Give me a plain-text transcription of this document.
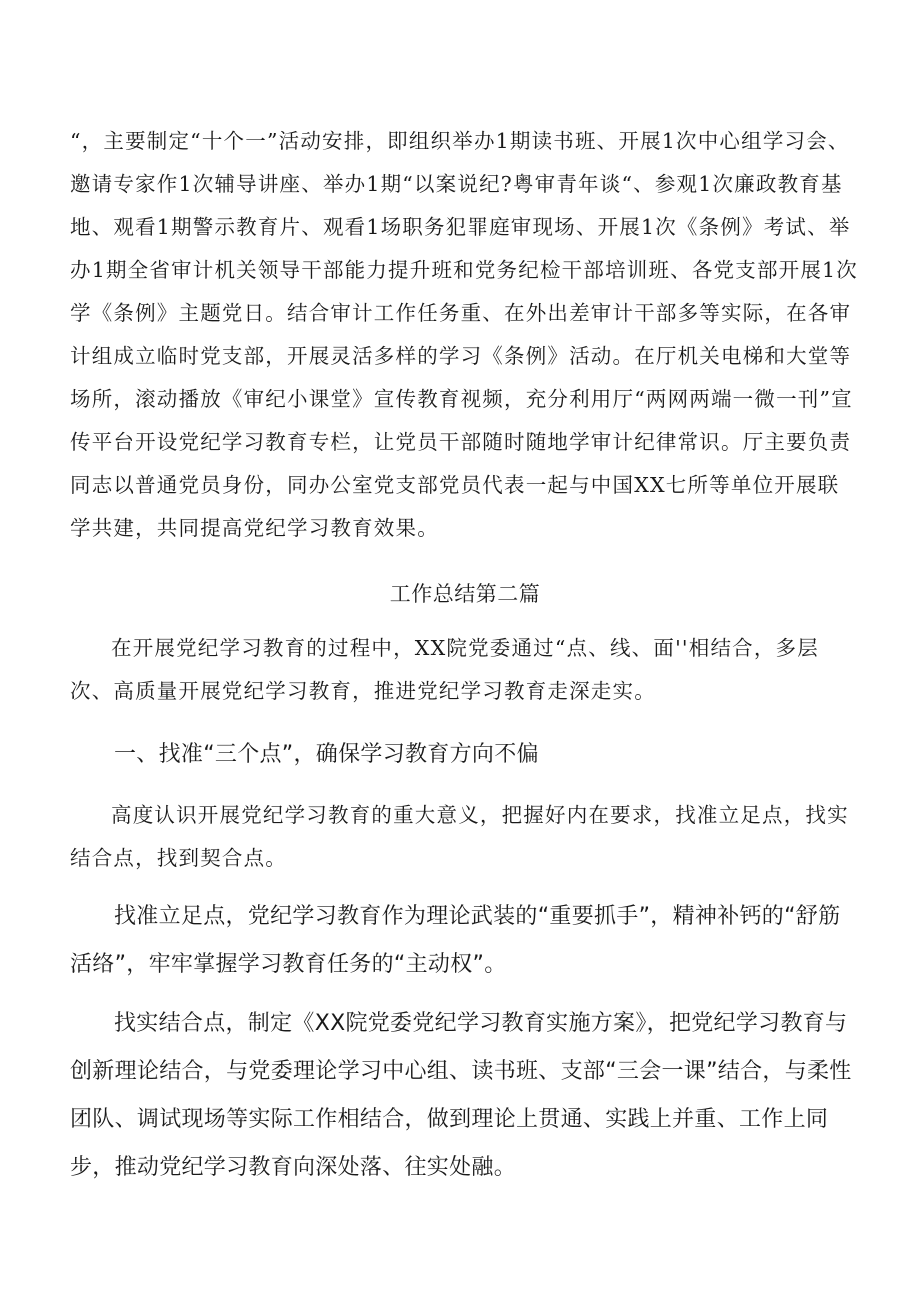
“，主要制定“十个一”活动安排，即组织举办1期读书班、开展1次中心组学习会、邀请专家作1次辅导讲座、举办1期“以案说纪?粤审青年谈“、参观1次廉政教育基地、观看1期警示教育片、观看1场职务犯罪庭审现场、开展1次《条例》考试、举办1期全省审计机关领导干部能力提升班和党务纪检干部培训班、各党支部开展1次学《条例》主题党日。结合审计工作任务重、在外出差审计干部多等实际，在各审计组成立临时党支部，开展灵活多样的学习《条例》活动。在厅机关电梯和大堂等场所，滚动播放《审纪小课堂》宣传教育视频，充分利用厅“两网两端一微一刊”宣传平台开设党纪学习教育专栏，让党员干部随时随地学审计纪律常识。厅主要负责同志以普通党员身份，同办公室党支部党员代表一起与中国XX七所等单位开展联学共建，共同提高党纪学习教育效果。

工作总结第二篇

在开展党纪学习教育的过程中，XX院党委通过“点、线、面''相结合，多层次、高质量开展党纪学习教育，推进党纪学习教育走深走实。

一、找准“三个点”，确保学习教育方向不偏

高度认识开展党纪学习教育的重大意义，把握好内在要求，找准立足点，找实结合点，找到契合点。

找准立足点，党纪学习教育作为理论武装的“重要抓手”，精神补钙的“舒筋活络”，牢牢掌握学习教育任务的“主动权”。

找实结合点，制定《XX院党委党纪学习教育实施方案》，把党纪学习教育与创新理论结合，与党委理论学习中心组、读书班、支部“三会一课”结合，与柔性团队、调试现场等实际工作相结合，做到理论上贯通、实践上并重、工作上同步，推动党纪学习教育向深处落、往实处融。
